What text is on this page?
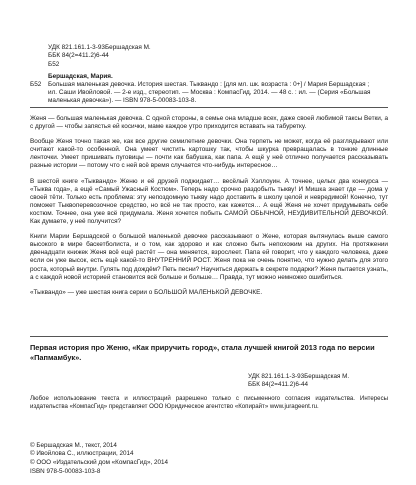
УДК 821.161.1-3-93Бершадская М.
ББК 84(2=411.2)6-44
Б52
Бершадская, Мария.
Б52	Большая маленькая девочка. История шестая. Тыквандо : [для мл. шк. возраста : 0+] / Мария Бершадская ;
ил. Саши Ивойловой. — 2-е изд., стереотип. — Москва : КомпасГид, 2014. — 48 с. : ил. — (Серия «Большая
маленькая девочка»). — ISBN 978-5-00083-103-8.

Женя — большая маленькая девочка. С одной стороны, в семье она младше всех, даже своей любимой таксы Ветки, а с другой — чтобы запястья ей косички, маме каждое утро приходится вставать на табуретку.

Вообще Женя точно такая же, как все другие семилетние девочки. Она терпеть не может, когда её разглядывают или считают какой-то особенной. Она умеет чистить картошку так, чтобы шкурка превращалась в тонкие длинные ленточки. Умеет пришивать пуговицы — почти как бабушка, как папа. А ещё у неё отлично получается рассказывать разные истории — потому что с ней всё время случается что-нибудь интересное…

В шестой книге «Тыквандо» Женю и её друзей поджидает… весёлый Хэллоуин. А точнее, целых два конкурса — «Тыква года», а ещё «Самый Ужасный Костюм». Теперь надо срочно раздобыть тыкву! И Мишка знает где — дома у своей тёти. Только есть проблема: эту непоздомную тыкву надо доставить в школу целой и невредимой! Конечно, тут поможет Тыквоперевозочное средство, но всё не так просто, как кажется… А ещё Женя не хочет придумывать себе костюм. Точнее, она уже всё придумала. Женя хочется побыть САМОЙ ОБЫЧНОЙ, НЕУДИВИТЕЛЬНОЙ ДЕВОЧКОЙ. Как думаете, у неё получится?

Книги Марии Бершадской о большой маленькой девочке рассказывают о Жене, которая вытянулась выше самого высокого в мире баскетболиста, и о том, как здорово и как сложно быть непохожим на других. На протяжении двенадцати книжек Женя всё ещё растёт — она меняется, взрослеет. Папа ей говорит, что у каждого человека, даже если он уже высок, есть ещё какой-то ВНУТРЕННИЙ РОСТ. Женя пока не очень понятно, что нужно делать для этого роста, который внутри. Гулять под дождём? Петь песни? Научиться держать в секрете подарки? Женя пытается узнать, а с каждой новой историей становится всё больше и больше… Правда, тут можно немножко ошибиться.

«Тыквандо» — уже шестая книга серии о БОЛЬШОЙ МАЛЕНЬКОЙ ДЕВОЧКЕ.

Первая история про Женю, «Как приручить город», стала лучшей книгой 2013 года по версии «Папмамбук».
УДК 821.161.1-3-93Бершадская М.
ББК 84(2=411.2)6-44
Любое использование текста и иллюстраций разрешено только с письменного согласия издательства. Интересы издательства «КомпасГид» представляет ООО Юридическое агентство «Копирайт» www.jurageent.ru.
© Бершадская М., текст, 2014
© Ивойлова С., иллюстрации, 2014
© ООО «Издательский дом «КомпасГид», 2014
ISBN 978-5-00083-103-8
